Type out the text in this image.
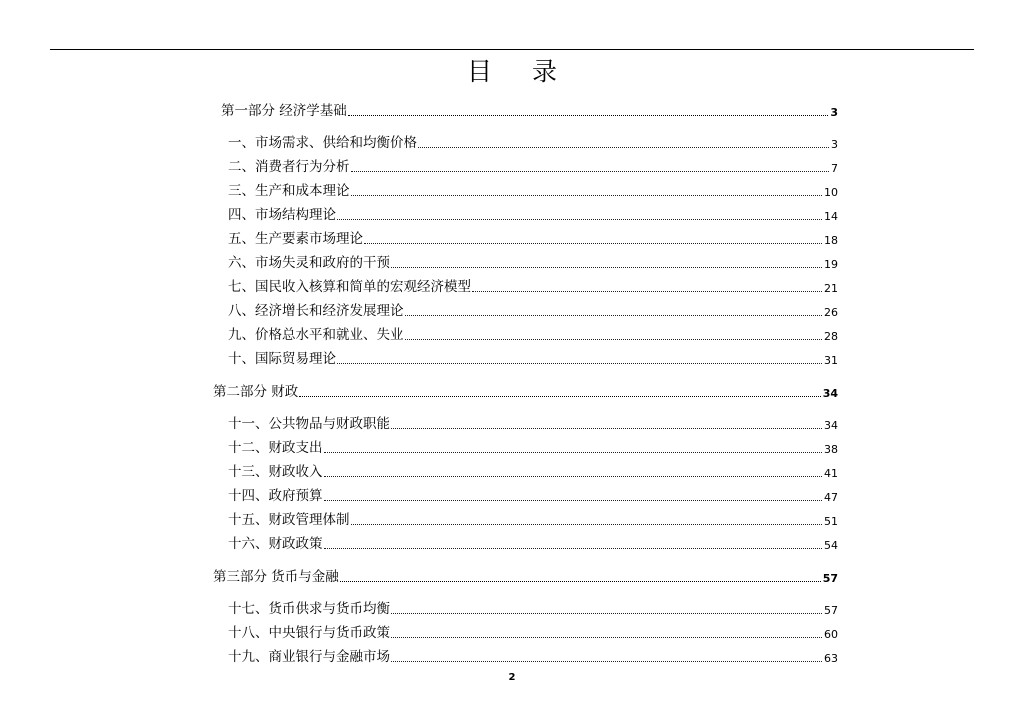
目 录
第一部分 经济学基础	3
一、市场需求、供给和均衡价格	3
二、消费者行为分析	7
三、生产和成本理论	10
四、市场结构理论	14
五、生产要素市场理论	18
六、市场失灵和政府的干预	19
七、国民收入核算和简单的宏观经济模型	21
八、经济增长和经济发展理论	26
九、价格总水平和就业、失业	28
十、国际贸易理论	31
第二部分 财政	34
十一、公共物品与财政职能	34
十二、财政支出	38
十三、财政收入	41
十四、政府预算	47
十五、财政管理体制	51
十六、财政政策	54
第三部分 货币与金融	57
十七、货币供求与货币均衡	57
十八、中央银行与货币政策	60
十九、商业银行与金融市场	63
2
